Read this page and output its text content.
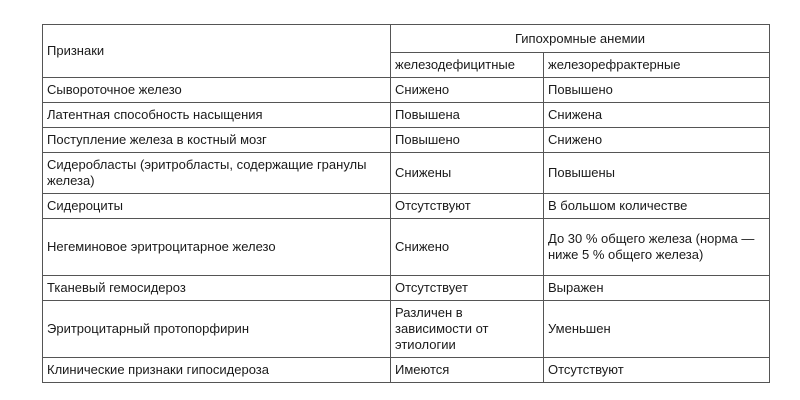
Признаки	Гипохромные анемии	
	железодефицитные	железорефрактерные
Сывороточное железо	Снижено	Повышено
Латентная способность насыщения	Повышена	Снижена
Поступление железа в костный мозг	Повышено	Снижено
Сидеробласты (эритробласты, содержащие гранулы железа)	Снижены	Повышены
Сидероциты	Отсутствуют	В большом количестве
Негеминовое эритроцитарное железо	Снижено	До 30 % общего железа (норма — ниже 5 % общего железа)
Тканевый гемосидероз	Отсутствует	Выражен
Эритроцитарный протопорфирин	Различен в зависимости от этиологии	Уменьшен
Клинические признаки гипосидероза	Имеются	Отсутствуют
